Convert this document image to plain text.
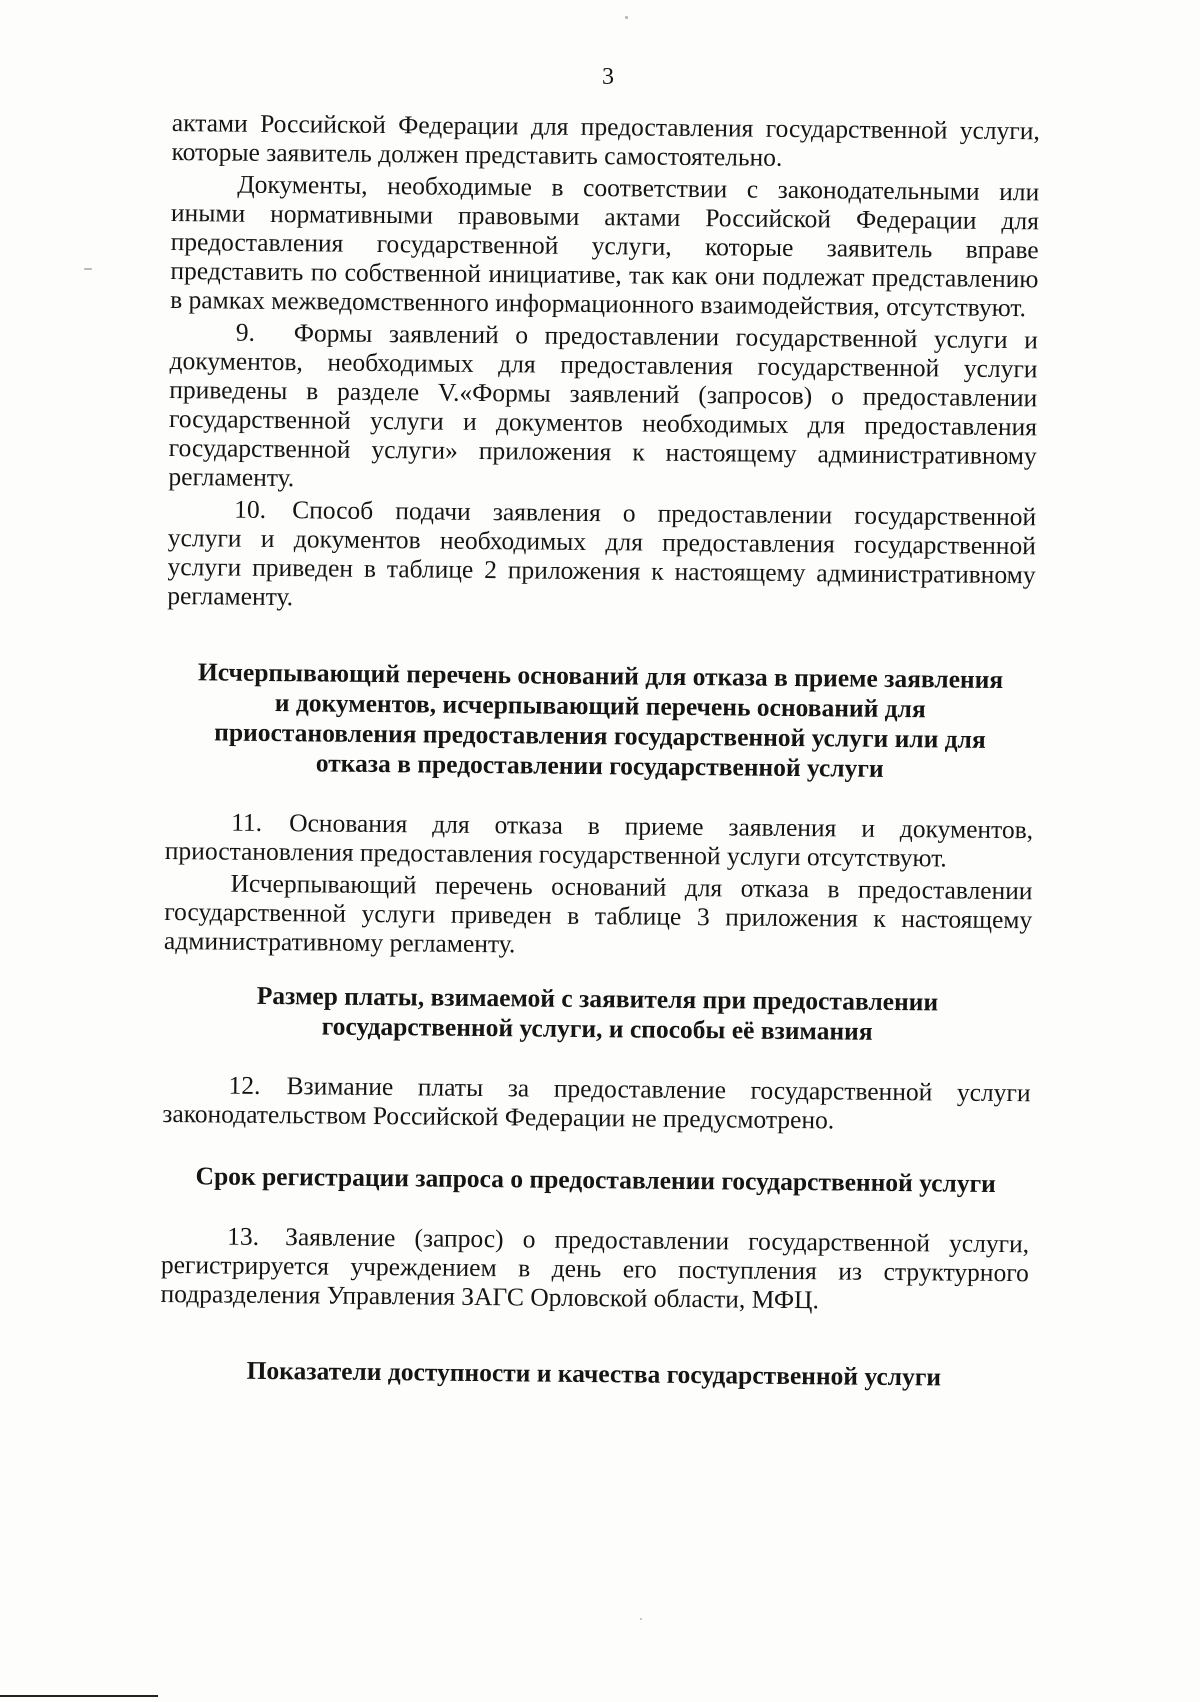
3

актами Российской Федерации для предоставления государственной услуги, которые заявитель должен представить самостоятельно.

Документы, необходимые в соответствии с законодательными или иными нормативными правовыми актами Российской Федерации для предоставления государственной услуги, которые заявитель вправе представить по собственной инициативе, так как они подлежат представлению в рамках межведомственного информационного взаимодействия, отсутствуют.

9. Формы заявлений о предоставлении государственной услуги и документов, необходимых для предоставления государственной услуги приведены в разделе V.«Формы заявлений (запросов) о предоставлении государственной услуги и документов необходимых для предоставления государственной услуги» приложения к настоящему административному регламенту.

10. Способ подачи заявления о предоставлении государственной услуги и документов необходимых для предоставления государственной услуги приведен в таблице 2 приложения к настоящему административному регламенту.

Исчерпывающий перечень оснований для отказа в приеме заявления
и документов, исчерпывающий перечень оснований для
приостановления предоставления государственной услуги или для
отказа в предоставлении государственной услуги

11. Основания для отказа в приеме заявления и документов, приостановления предоставления государственной услуги отсутствуют.

Исчерпывающий перечень оснований для отказа в предоставлении государственной услуги приведен в таблице 3 приложения к настоящему административному регламенту.

Размер платы, взимаемой с заявителя при предоставлении
государственной услуги, и способы её взимания

12. Взимание платы за предоставление государственной услуги законодательством Российской Федерации не предусмотрено.

Срок регистрации запроса о предоставлении государственной услуги

13. Заявление (запрос) о предоставлении государственной услуги, регистрируется учреждением в день его поступления из структурного подразделения Управления ЗАГС Орловской области, МФЦ.

Показатели доступности и качества государственной услуги
